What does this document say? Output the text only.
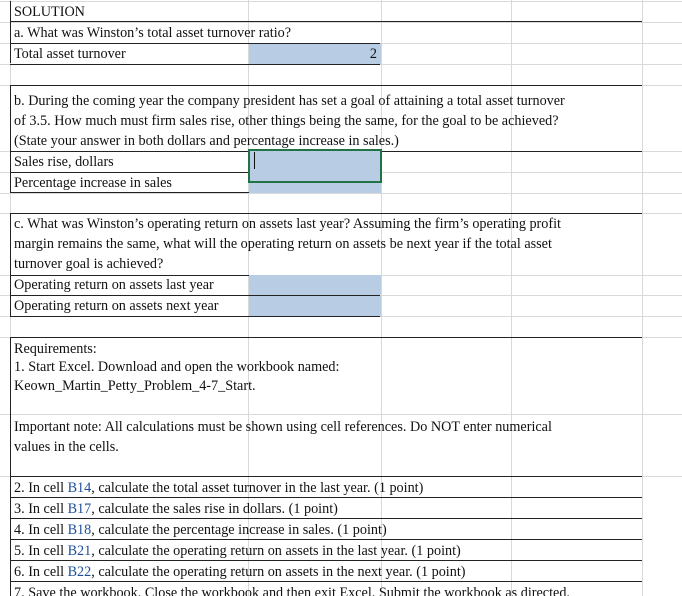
SOLUTION
a. What was Winston’s total asset turnover ratio?
Total asset turnover	2
b. During the coming year the company president has set a goal of attaining a total asset turnover
of 3.5. How much must firm sales rise, other things being the same, for the goal to be achieved?
(State your answer in both dollars and percentage increase in sales.)
Sales rise, dollars
Percentage increase in sales
c. What was Winston’s operating return on assets last year? Assuming the firm’s operating profit
margin remains the same, what will the operating return on assets be next year if the total asset
turnover goal is achieved?
Operating return on assets last year
Operating return on assets next year
Requirements:
1. Start Excel. Download and open the workbook named:
Keown_Martin_Petty_Problem_4-7_Start.
Important note: All calculations must be shown using cell references. Do NOT enter numerical
values in the cells.
2. In cell B14, calculate the total asset turnover in the last year. (1 point)
3. In cell B17, calculate the sales rise in dollars. (1 point)
4. In cell B18, calculate the percentage increase in sales. (1 point)
5. In cell B21, calculate the operating return on assets in the last year. (1 point)
6. In cell B22, calculate the operating return on assets in the next year. (1 point)
7. Save the workbook. Close the workbook and then exit Excel. Submit the workbook as directed.
